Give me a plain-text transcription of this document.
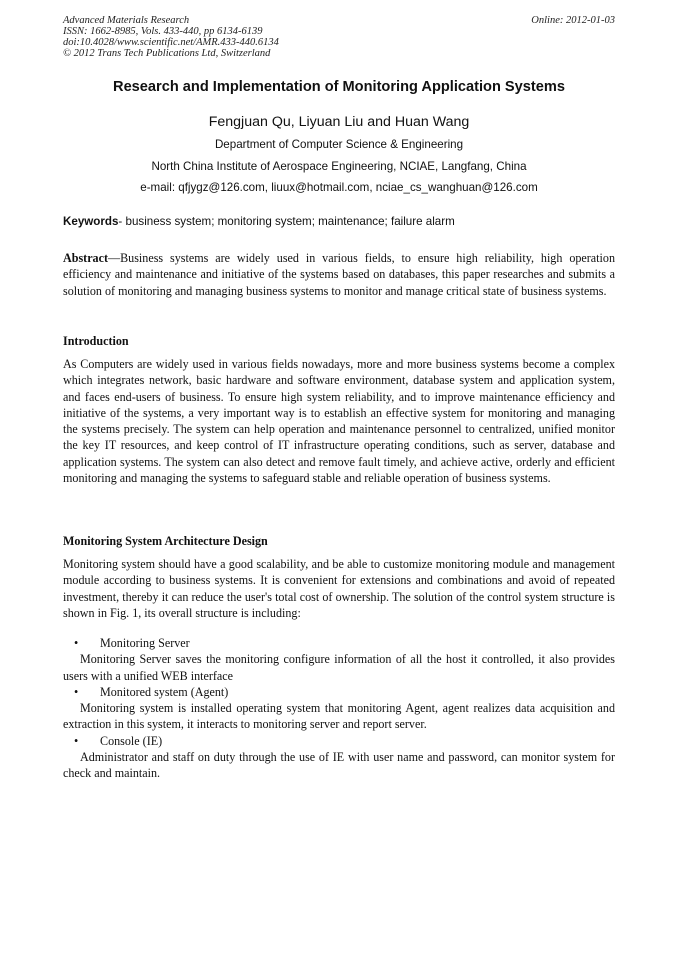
Advanced Materials Research
ISSN: 1662-8985, Vols. 433-440, pp 6134-6139
doi:10.4028/www.scientific.net/AMR.433-440.6134
© 2012 Trans Tech Publications Ltd, Switzerland
Online: 2012-01-03
Research and Implementation of Monitoring Application Systems
Fengjuan Qu, Liyuan Liu and Huan Wang
Department of Computer Science & Engineering
North China Institute of Aerospace Engineering, NCIAE, Langfang, China
e-mail: qfjygz@126.com, liuux@hotmail.com, nciae_cs_wanghuan@126.com
Keywords- business system; monitoring system; maintenance; failure alarm
Abstract—Business systems are widely used in various fields, to ensure high reliability, high operation efficiency and maintenance and initiative of the systems based on databases, this paper researches and submits a solution of monitoring and managing business systems to monitor and manage critical state of business systems.
Introduction
As Computers are widely used in various fields nowadays, more and more business systems become a complex which integrates network, basic hardware and software environment, database system and application system, and faces end-users of business. To ensure high system reliability, and to improve maintenance efficiency and initiative of the systems, a very important way is to establish an effective system for monitoring and managing the systems precisely. The system can help operation and maintenance personnel to centralized, unified monitor the key IT resources, and keep control of IT infrastructure operating conditions, such as server, database and application systems. The system can also detect and remove fault timely, and achieve active, orderly and efficient monitoring and managing the systems to safeguard stable and reliable operation of business systems.
Monitoring System Architecture Design
Monitoring system should have a good scalability, and be able to customize monitoring module and management module according to business systems. It is convenient for extensions and combinations and avoid of repeated investment, thereby it can reduce the user's total cost of ownership. The solution of the control system structure is shown in Fig. 1, its overall structure is including:
• Monitoring Server
Monitoring Server saves the monitoring configure information of all the host it controlled, it also provides users with a unified WEB interface
• Monitored system (Agent)
Monitoring system is installed operating system that monitoring Agent, agent realizes data acquisition and extraction in this system, it interacts to monitoring server and report server.
• Console (IE)
Administrator and staff on duty through the use of IE with user name and password, can monitor system for check and maintain.
